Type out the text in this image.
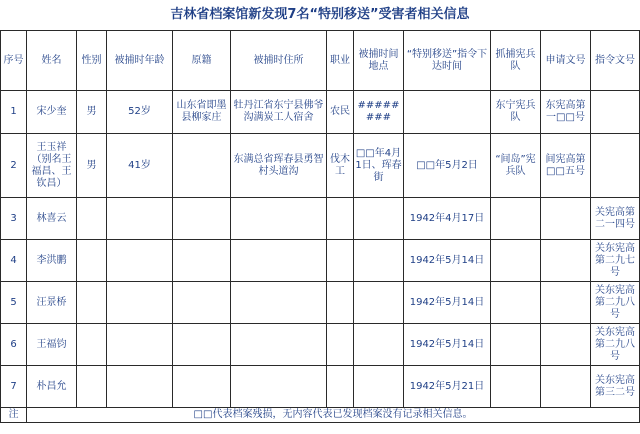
吉林省档案馆新发现7名“特别移送”受害者相关信息
序号	姓名	性别	被捕时年龄	原籍	被捕时住所	职业	被捕时间地点	“特别移送”指令下达时间	抓捕宪兵队	申请文号	指令文号
1	宋少奎	男	52岁	山东省即墨县柳家庄	牡丹江省东宁县佛爷沟满炭工人宿舍	农民	########		东宁宪兵队	东宪高第一□□号	
2	王玉祥（别名王福昌、王钦昌）	男	41岁		东满总省珲春县勇智村头道沟	伐木工	□□年4月1日、珲春街	□□年5月2日	“间岛”宪兵队	间宪高第□□五号	
3	林喜云							1942年4月17日			关宪高第二一四号
4	李洪鹏							1942年5月14日			关东宪高第二九七号
5	汪景桥							1942年5月14日			关东宪高第二九八号
6	王福钧							1942年5月14日			关东宪高第二九八号
7	朴昌允							1942年5月21日			关东宪高第三二号
注	□□代表档案残损，无内容代表已发现档案没有记录相关信息。										
